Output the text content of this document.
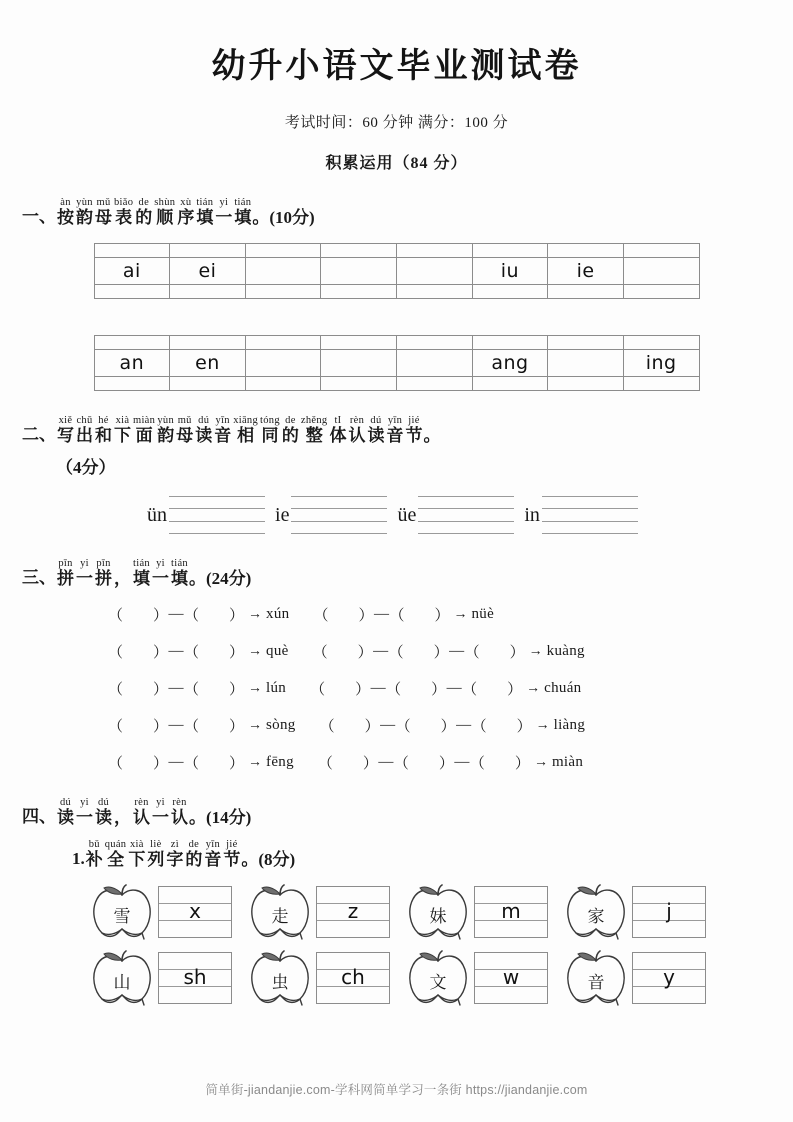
幼升小语文毕业测试卷
考试时间：60 分钟 满分：100 分
积累运用（84 分）
一、
àn
按
yùn
韵
mǔ
母
biǎo
表
de
的
shùn
顺
xù
序
tián
填
yi
一
tián
填 。(10分)

ai	ei				iu	ie	

an	en				ang		ing

二、
xiě
写
chū
出
hé
和
xià
下
miàn
面
yùn
韵
mǔ
母
dú
读
yīn
音
xiāng
相
tóng
同
de
的
zhěng
整
tI
体
rèn
认
dú
读
yīn
音
jié
节 。
（4分）
ün	ie	üe	in
三、
pīn
拼
yi
一
pīn
拼 ，
tián
填
yi
一
tián
填 。(24分)
（  ） — （  ） → xún （  ） — （  ） → nüè
（  ） — （  ） → què （  ） — （  ） — （  ） → kuàng
（  ） — （  ） → lún （  ） — （  ） — （  ） → chuán
（  ） — （  ） → sòng （  ） — （  ） — （  ） → liàng
（  ） — （  ） → fēng （  ） — （  ） — （  ） → miàn
四、
dú
读
yi
一
dú
读 ，
rèn
认
yi
一
rèn
认 。(14分)
1.
bǔ
补
quán
全
xià
下
liè
列
zì
字
de
的
yīn
音
jié
节 。(8分)
雪	x	走	z	妹	m	家	j
山	sh	虫	ch	文	w	音	y
简单街-jiandanjie.com-学科网简单学习一条街 https://jiandanjie.com
